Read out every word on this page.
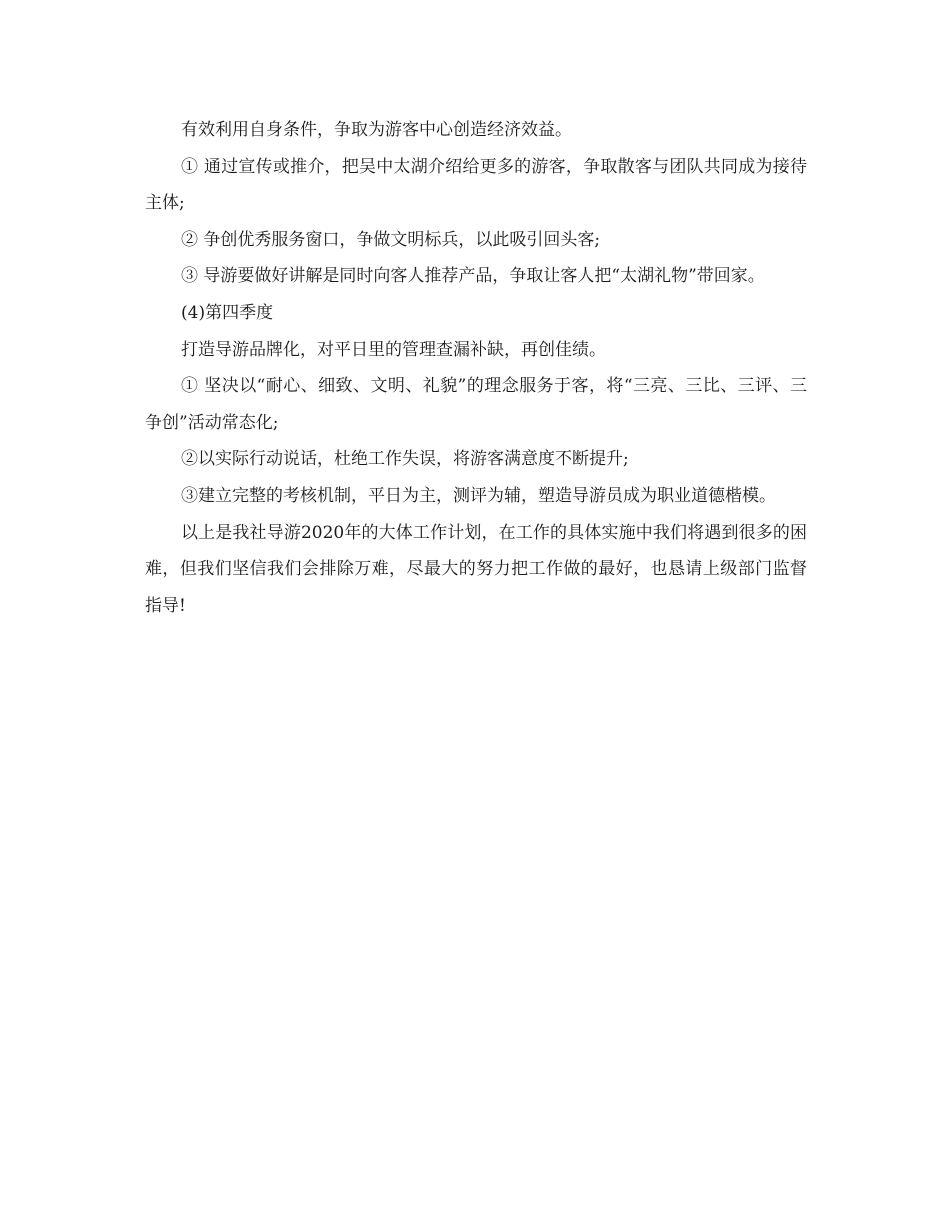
有效利用自身条件，争取为游客中心创造经济效益。

① 通过宣传或推介，把吴中太湖介绍给更多的游客，争取散客与团队共同成为接待主体;

② 争创优秀服务窗口，争做文明标兵，以此吸引回头客;

③ 导游要做好讲解是同时向客人推荐产品，争取让客人把“太湖礼物”带回家。

(4)第四季度

打造导游品牌化，对平日里的管理查漏补缺，再创佳绩。

① 坚决以“耐心、细致、文明、礼貌”的理念服务于客，将“三亮、三比、三评、三争创”活动常态化;

②以实际行动说话，杜绝工作失误，将游客满意度不断提升;

③建立完整的考核机制，平日为主，测评为辅，塑造导游员成为职业道德楷模。

以上是我社导游2020年的大体工作计划，在工作的具体实施中我们将遇到很多的困难，但我们坚信我们会排除万难，尽最大的努力把工作做的最好，也恳请上级部门监督指导!
